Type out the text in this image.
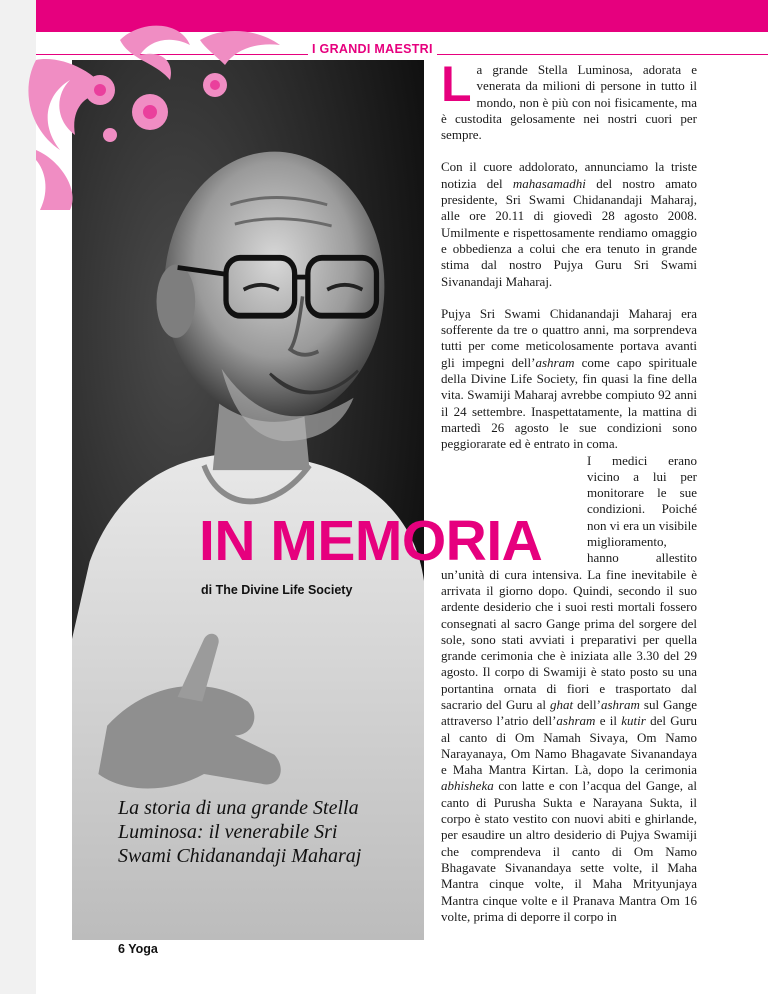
I GRANDI MAESTRI
IN MEMORIA
di The Divine Life Society
La storia di una grande Stella Luminosa: il venerabile Sri Swami Chidanandaji Maharaj
6 Yoga

La grande Stella Luminosa, adorata e venerata da milioni di persone in tutto il mondo, non è più con noi fisicamente, ma è custodita gelosamente nei nostri cuori per sempre.

Con il cuore addolorato, annunciamo la triste notizia del mahasamadhi del nostro amato presidente, Sri Swami Chidanandaji Maharaj, alle ore 20.11 di giovedì 28 agosto 2008. Umilmente e rispettosamente rendiamo omaggio e obbedienza a colui che era tenuto in grande stima dal nostro Pujya Guru Sri Swami Sivanandaji Maharaj.

Pujya Sri Swami Chidanandaji Maharaj era sofferente da tre o quattro anni, ma sorprendeva tutti per come meticolosamente portava avanti gli impegni dell’ashram come capo spirituale della Divine Life Society, fin quasi la fine della vita. Swamiji Maharaj avrebbe compiuto 92 anni il 24 settembre. Inaspettatamente, la mattina di martedì 26 agosto le sue condizioni sono peggiorarate ed è entrato in coma.

I medici erano vicino a lui per monitorare le sue condizioni. Poiché non vi era un visibile miglioramento, hanno allestito un’unità di cura intensiva. La fine inevitabile è arrivata il giorno dopo. Quindi, secondo il suo ardente desiderio che i suoi resti mortali fossero consegnati al sacro Gange prima del sorgere del sole, sono stati avviati i preparativi per quella grande cerimonia che è iniziata alle 3.30 del 29 agosto. Il corpo di Swamiji è stato posto su una portantina ornata di fiori e trasportato dal sacrario del Guru al ghat dell’ashram sul Gange attraverso l’atrio dell’ashram e il kutir del Guru al canto di Om Namah Sivaya, Om Namo Narayanaya, Om Namo Bhagavate Sivanandaya e Maha Mantra Kirtan. Là, dopo la cerimonia abhisheka con latte e con l’acqua del Gange, al canto di Purusha Sukta e Narayana Sukta, il corpo è stato vestito con nuovi abiti e ghirlande, per esaudire un altro desiderio di Pujya Swamiji che comprendeva il canto di Om Namo Bhagavate Sivanandaya sette volte, il Maha Mantra cinque volte, il Maha Mrityunjaya Mantra cinque volte e il Pranava Mantra Om 16 volte, prima di deporre il corpo in
